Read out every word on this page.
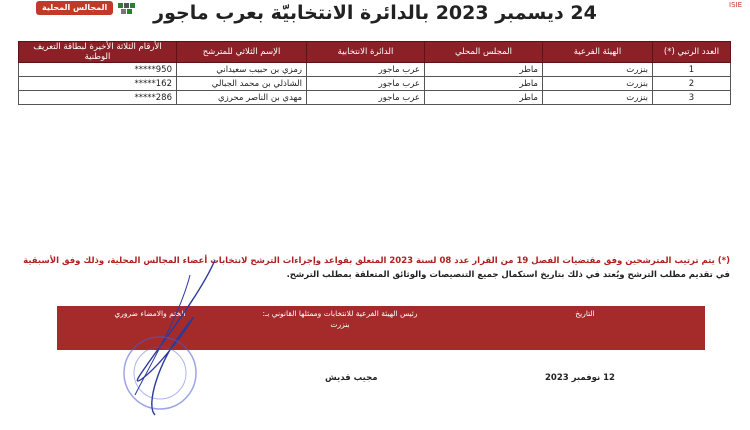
المجالس المحلية	ISIE
24 ديسمبر 2023 بالدائرة الانتخابيّة بعرب ماجور
العدد الرتبي (*)	الهيئة الفرعية	المجلس المحلي	الدائرة الانتخابية	الإسم الثلاثي للمترشح	الأرقام الثلاثة الأخيرة لبطاقة التعريف الوطنية
1	بنزرت	ماطر	عرب ماجور	رمزي بن حبيب سعيداني	950*****
2	بنزرت	ماطر	عرب ماجور	الشاذلي بن محمد الجبالي	162*****
3	بنزرت	ماطر	عرب ماجور	مهدي بن الناصر محرزي	286*****
(*) يتم ترتيب المترشحين وفق مقتضيات الفصل 19 من القرار عدد 08 لسنة 2023 المتعلق بقواعد وإجراءات الترشح لانتخابات أعضاء المجالس المحلية، وذلك وفق الأسبقية
في تقديم مطلب الترشح ويُعتد في ذلك بتاريخ استكمال جميع التنصيصات والوثائق المتعلقة بمطلب الترشح.
التاريخ
رئيس الهيئة الفرعية للانتخابات وممثلها القانوني بـ:
بنزرت
الختم والامضاء ضروري
12 نوفمبر 2023
مجيب قديش
